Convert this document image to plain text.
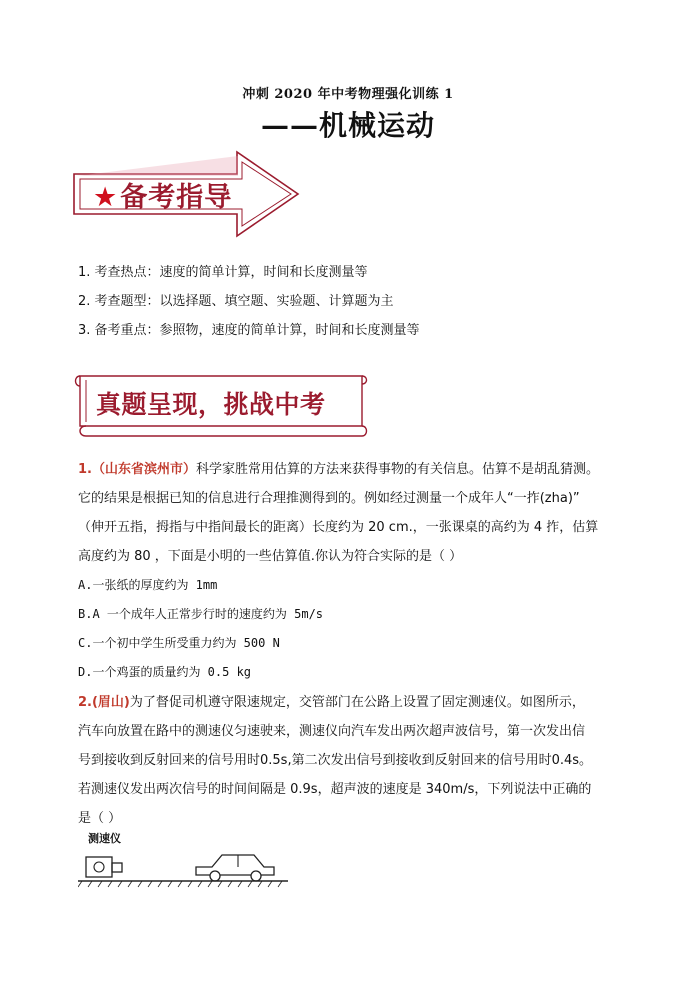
冲刺 2020 年中考物理强化训练 1
——机械运动
★备考指导
1. 考查热点：速度的简单计算，时间和长度测量等
2. 考查题型：以选择题、填空题、实验题、计算题为主
3. 备考重点：参照物，速度的简单计算，时间和长度测量等
真题呈现，挑战中考
1.（山东省滨州市）科学家胜常用估算的方法来获得事物的有关信息。估算不是胡乱猜测。
它的结果是根据已知的信息进行合理推测得到的。例如经过测量一个成年人“一拃(zha)”
（伸开五指，拇指与中指间最长的距离）长度约为 20 cm.，一张课桌的高约为 4 拃，估算
高度约为 80 ，下面是小明的一些估算值.你认为符合实际的是（ ）
A.一张纸的厚度约为 1mm
B.A 一个成年人正常步行时的速度约为 5m/s
C.一个初中学生所受重力约为 500 N
D.一个鸡蛋的质量约为 0.5 kg
2.(眉山)为了督促司机遵守限速规定，交管部门在公路上设置了固定测速仪。如图所示，
汽车向放置在路中的测速仪匀速驶来，测速仪向汽车发出两次超声波信号，第一次发出信
号到接收到反射回来的信号用时0.5s,第二次发出信号到接收到反射回来的信号用时0.4s。
若测速仪发出两次信号的时间间隔是 0.9s，超声波的速度是 340m/s，下列说法中正确的
是（ ）
测速仪
